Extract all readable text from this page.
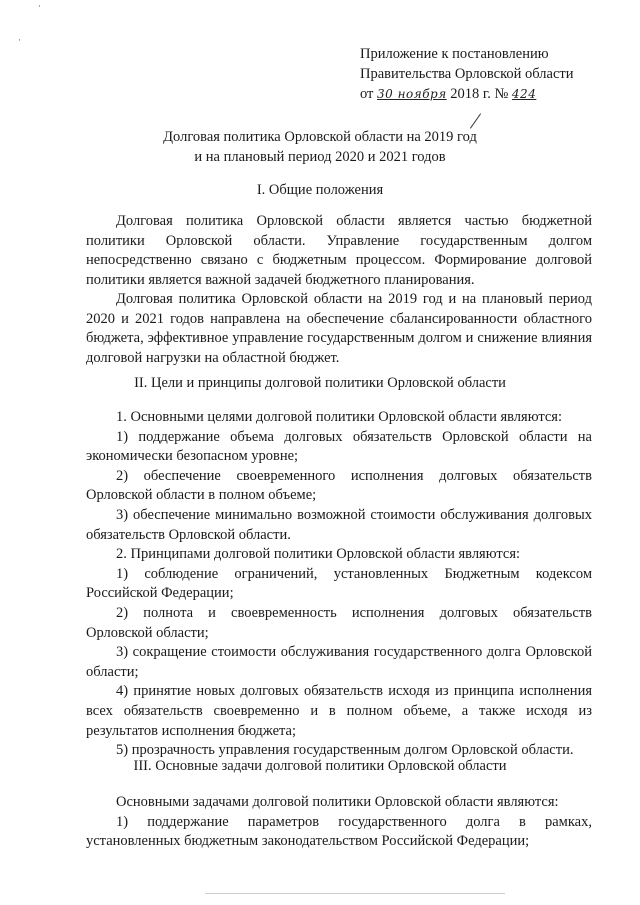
·
·
Приложение к постановлению
Правительства Орловской области
от 30 ноября 2018 г. № 424
Долговая политика Орловской области на 2019 год
и на плановый период 2020 и 2021 годов
I. Общие положения

Долговая политика Орловской области является частью бюджетной политики Орловской области. Управление государственным долгом непосредственно связано с бюджетным процессом. Формирование долговой политики является важной задачей бюджетного планирования.

Долговая политика Орловской области на 2019 год и на плановый период 2020 и 2021 годов направлена на обеспечение сбалансированности областного бюджета, эффективное управление государственным долгом и снижение влияния долговой нагрузки на областной бюджет.

II. Цели и принципы долговой политики Орловской области

1. Основными целями долговой политики Орловской области являются:

1) поддержание объема долговых обязательств Орловской области на экономически безопасном уровне;

2) обеспечение своевременного исполнения долговых обязательств Орловской области в полном объеме;

3) обеспечение минимально возможной стоимости обслуживания долговых обязательств Орловской области.

2. Принципами долговой политики Орловской области являются:

1) соблюдение ограничений, установленных Бюджетным кодексом Российской Федерации;

2) полнота и своевременность исполнения долговых обязательств Орловской области;

3) сокращение стоимости обслуживания государственного долга Орловской области;

4) принятие новых долговых обязательств исходя из принципа исполнения всех обязательств своевременно и в полном объеме, а также исходя из результатов исполнения бюджета;

5) прозрачность управления государственным долгом Орловской области.

III. Основные задачи долговой политики Орловской области

Основными задачами долговой политики Орловской области являются:

1) поддержание параметров государственного долга в рамках, установленных бюджетным законодательством Российской Федерации;
